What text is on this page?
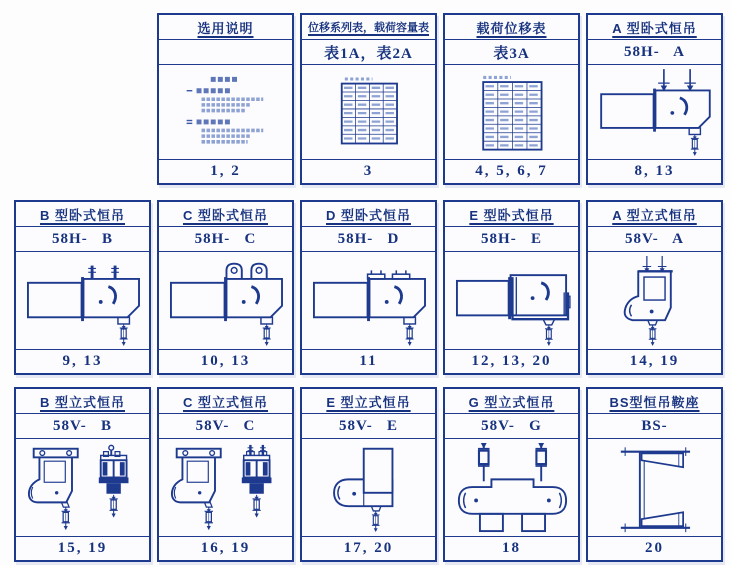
选用说明
1, 2
位移系列表，载荷容量表
表1A，表2A
3
载荷位移表
表3A
4, 5, 6, 7
A 型卧式恒吊
58H-   A
8, 13
B 型卧式恒吊
58H-   B
9, 13
C 型卧式恒吊
58H-   C
10, 13
D 型卧式恒吊
58H-   D
11
E 型卧式恒吊
58H-   E
12, 13, 20
A 型立式恒吊
58V-   A
14, 19
B 型立式恒吊
58V-   B
15, 19
C 型立式恒吊
58V-   C
16, 19
E 型立式恒吊
58V-   E
17, 20
G 型立式恒吊
58V-   G
18
BS型恒吊鞍座
BS-
20
